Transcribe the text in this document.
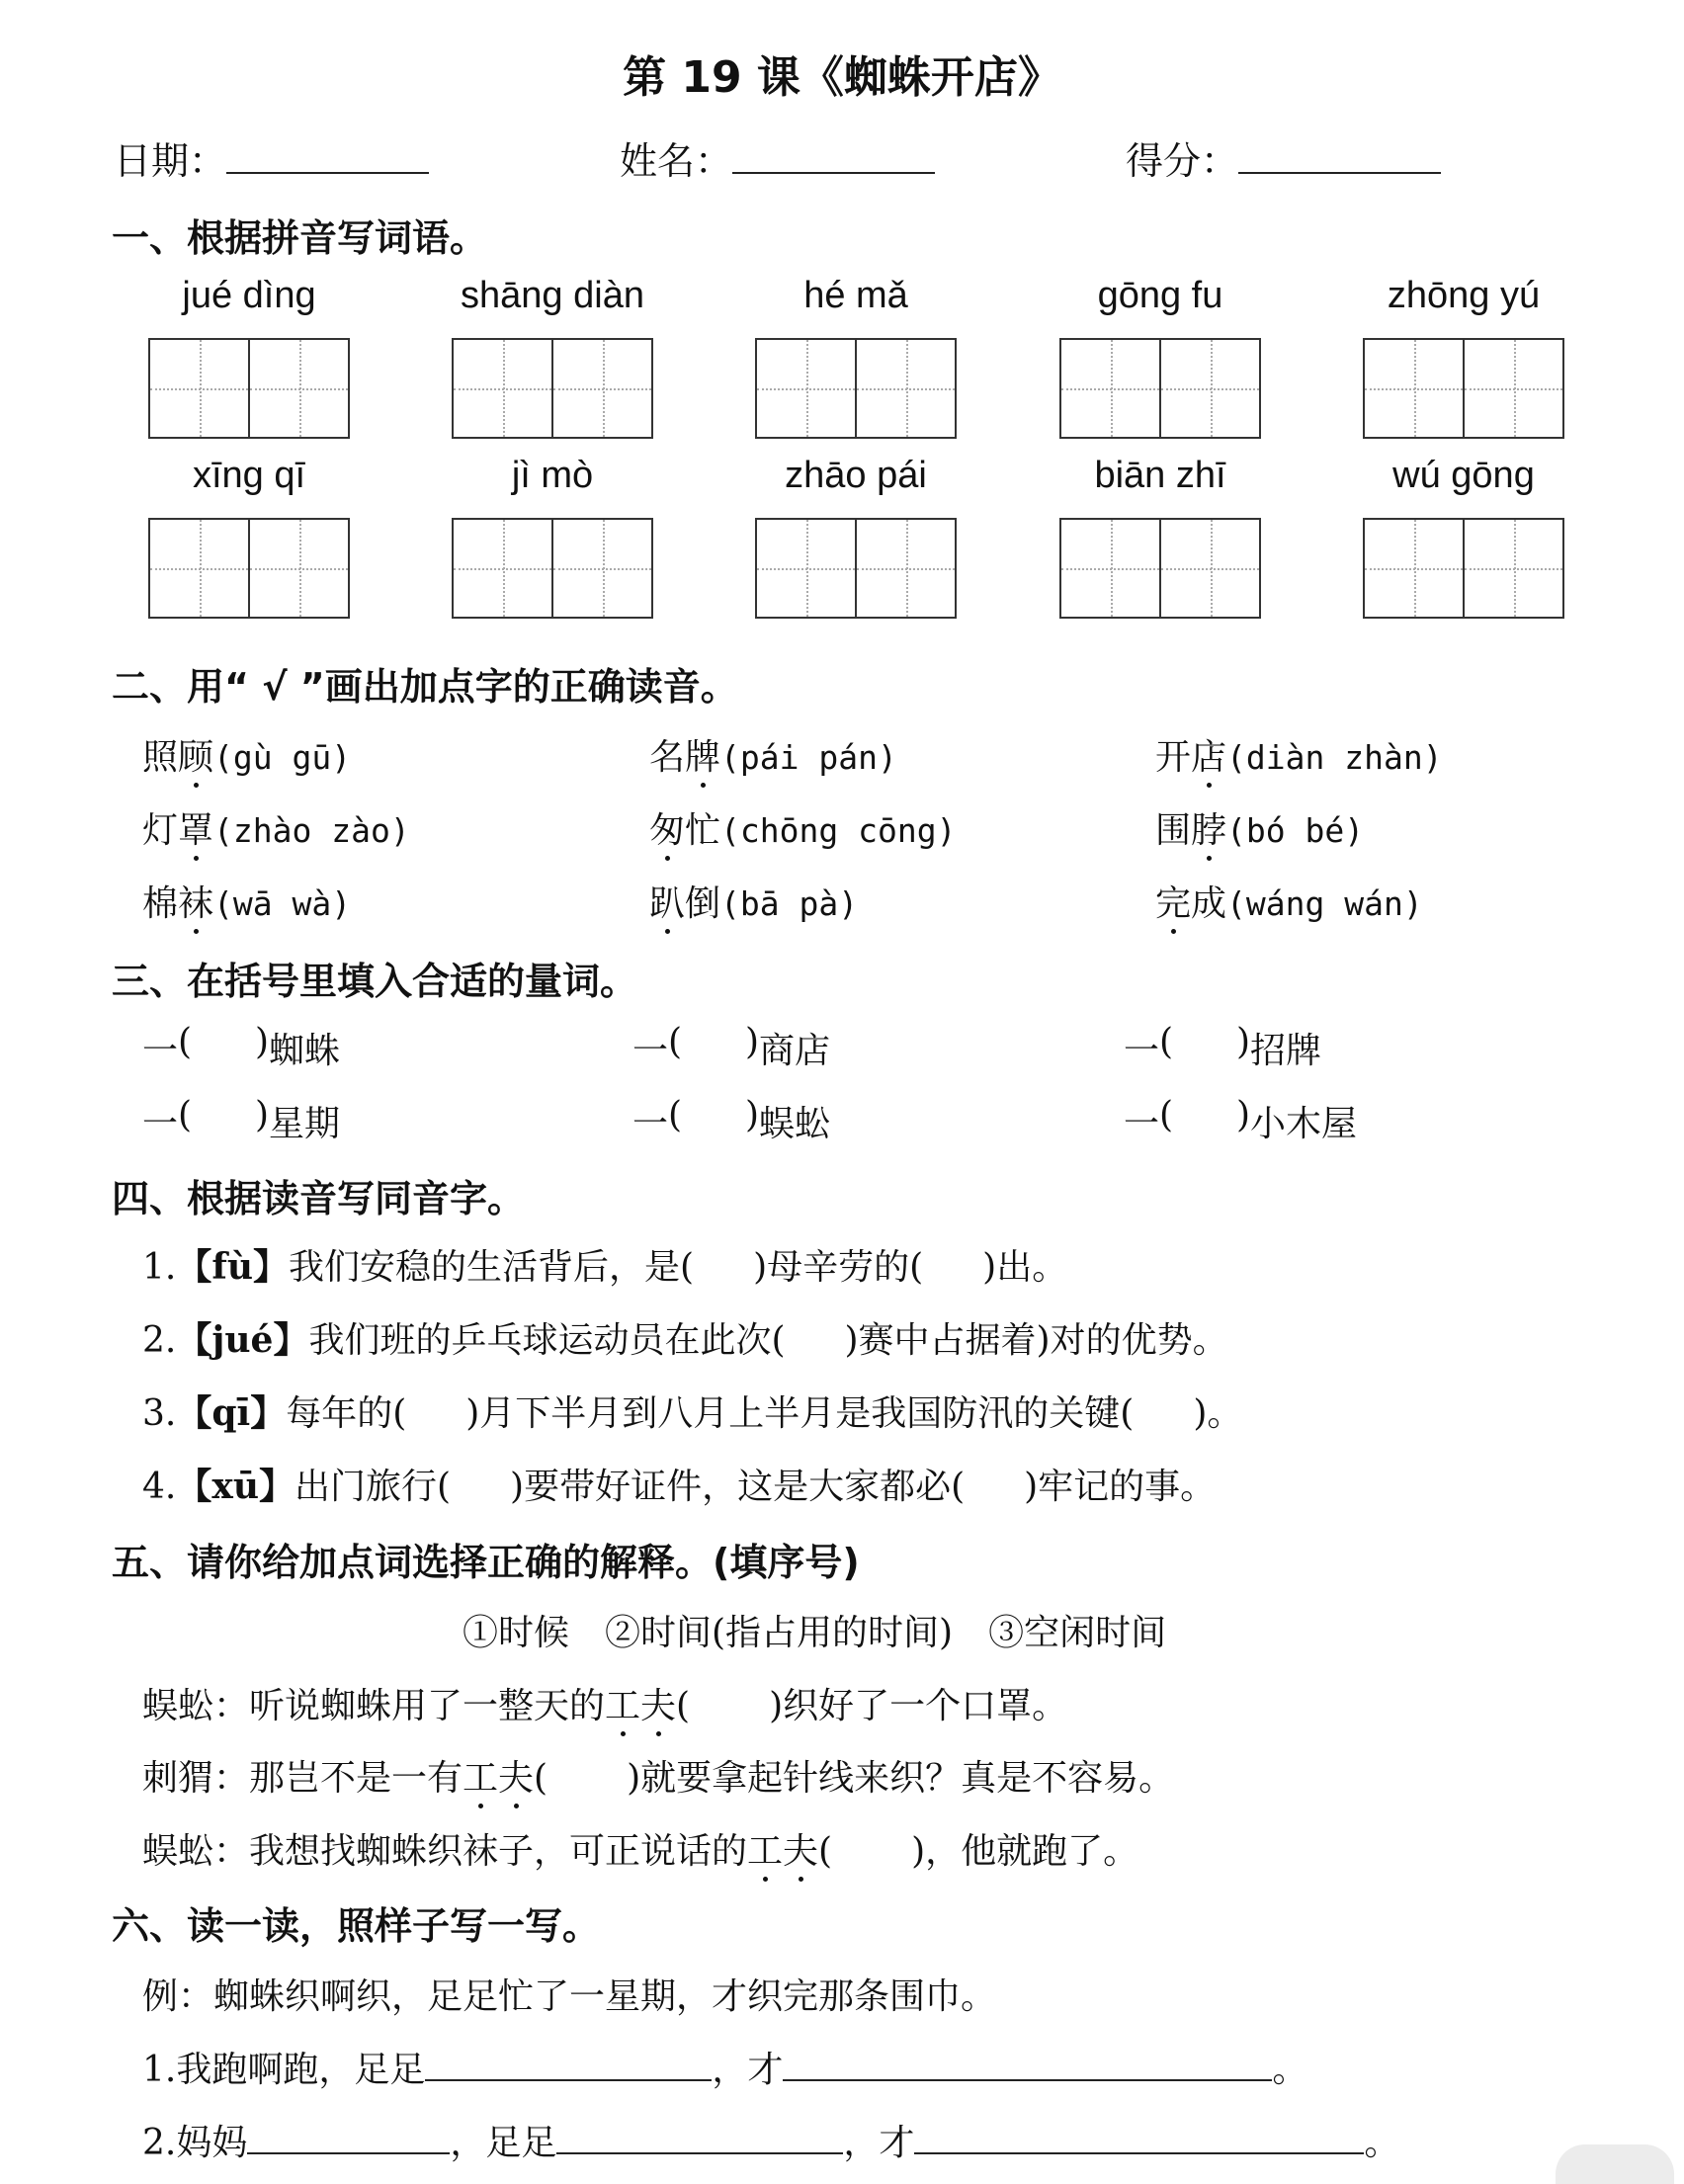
第 19 课《蜘蛛开店》
日期：	姓名：	得分：
一、根据拼音写词语。
jué dìng	shāng diàn	hé mǎ	gōng fu	zhōng yú
xīng qī	jì mò	zhāo pái	biān zhī	wú gōng
二、用“ √ ”画出加点字的正确读音。
照顾(gù gū)	名牌(pái pán)	开店(diàn zhàn)
灯罩(zhào zào)	匆忙(chōng cōng)	围脖(bó bé)
棉袜(wā wà)	趴倒(bā pà)	完成(wáng wán)
三、在括号里填入合适的量词。
一 ( ) 蜘蛛	一 ( ) 商店	一 ( ) 招牌
一 ( ) 星期	一 ( ) 蜈蚣	一 ( ) 小木屋
四、根据读音写同音字。
1.【fù】我们安稳的生活背后，是( )母辛劳的( )出。
2.【jué】我们班的乒乓球运动员在此次( )赛中占据着)对的优势。
3.【qī】每年的( )月下半月到八月上半月是我国防汛的关键( )。
4.【xū】出门旅行( )要带好证件，这是大家都必( )牢记的事。
五、请你给加点词选择正确的解释。(填序号)
①时候　②时间(指占用的时间)　③空闲时间
蜈蚣：听说蜘蛛用了一整天的工夫( )织好了一个口罩。
刺猬：那岂不是一有工夫( )就要拿起针线来织？真是不容易。
蜈蚣：我想找蜘蛛织袜子，可正说话的工夫( )，他就跑了。
六、读一读，照样子写一写。
例：蜘蛛织啊织，足足忙了一星期，才织完那条围巾。
1.我跑啊跑，足足	，才	。
2.妈妈	，足足	，才	。
